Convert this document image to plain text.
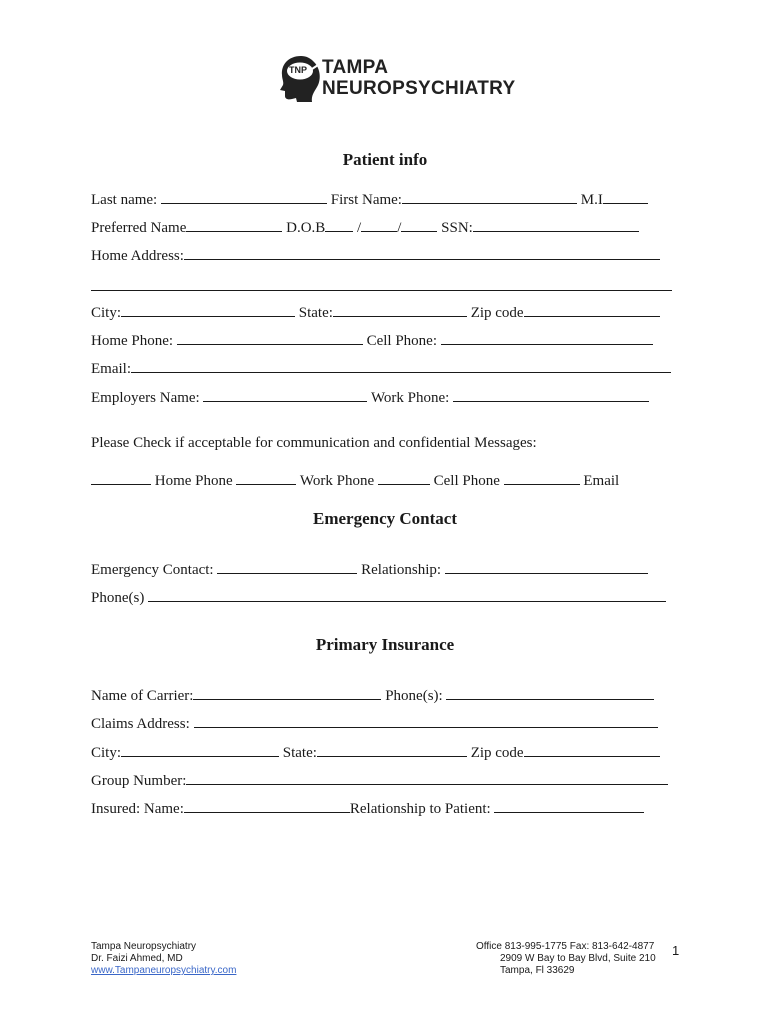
TNP TAMPA
NEUROPSYCHIATRY
Patient info
Last name:	First Name:	M.I
Preferred Name	D.O.B / /	SSN:
Home Address:
City:	State:	Zip code
Home Phone:	Cell Phone:
Email:
Employers Name:	Work Phone:
Please Check if acceptable for communication and confidential Messages:
Home Phone	Work Phone	Cell Phone	Email
Emergency Contact
Emergency Contact:	Relationship:
Phone(s)
Primary Insurance
Name of Carrier:	Phone(s):
Claims Address:
City:	State:	Zip code
Group Number:
Insured: Name:	Relationship to Patient:
Tampa Neuropsychiatry
Dr. Faizi Ahmed, MD
www.Tampaneuropsychiatry.com
Office 813-995-1775 Fax: 813-642-4877
2909 W Bay to Bay Blvd, Suite 210
Tampa, Fl 33629
1
